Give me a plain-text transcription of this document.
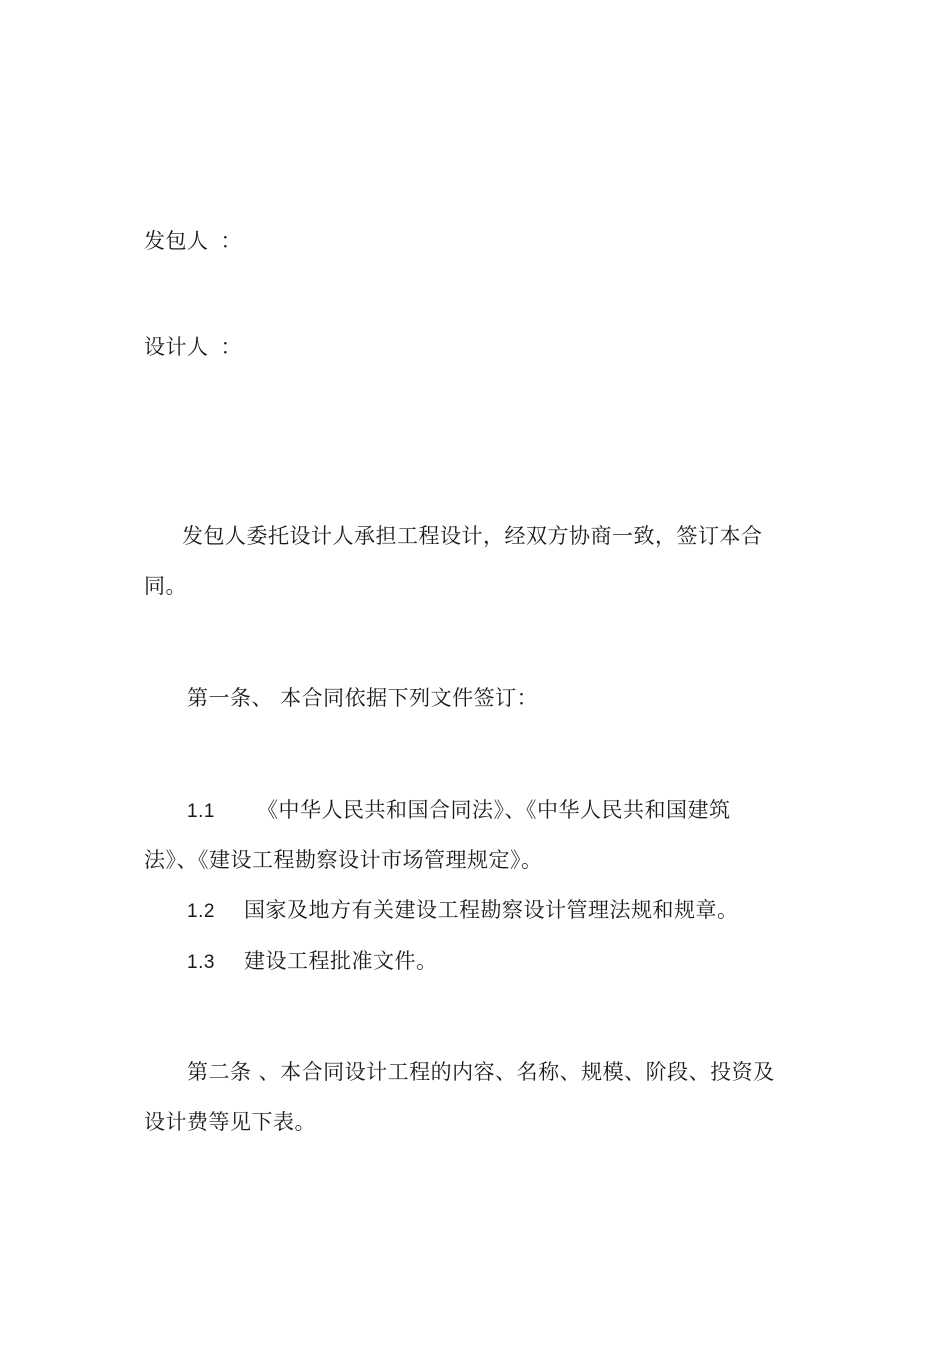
发包人 ：
设计人 ：
发包人委托设计人承担工程设计，经双方协商一致，签订本合
同。
第一条、 本合同依据下列文件签订：
1.1 《中华人民共和国合同法》、《中华人民共和国建筑
法》、《建设工程勘察设计市场管理规定》。
1.2 国家及地方有关建设工程勘察设计管理法规和规章。
1.3 建设工程批准文件。
第二条 、本合同设计工程的内容、名称、规模、阶段、投资及
设计费等见下表。
